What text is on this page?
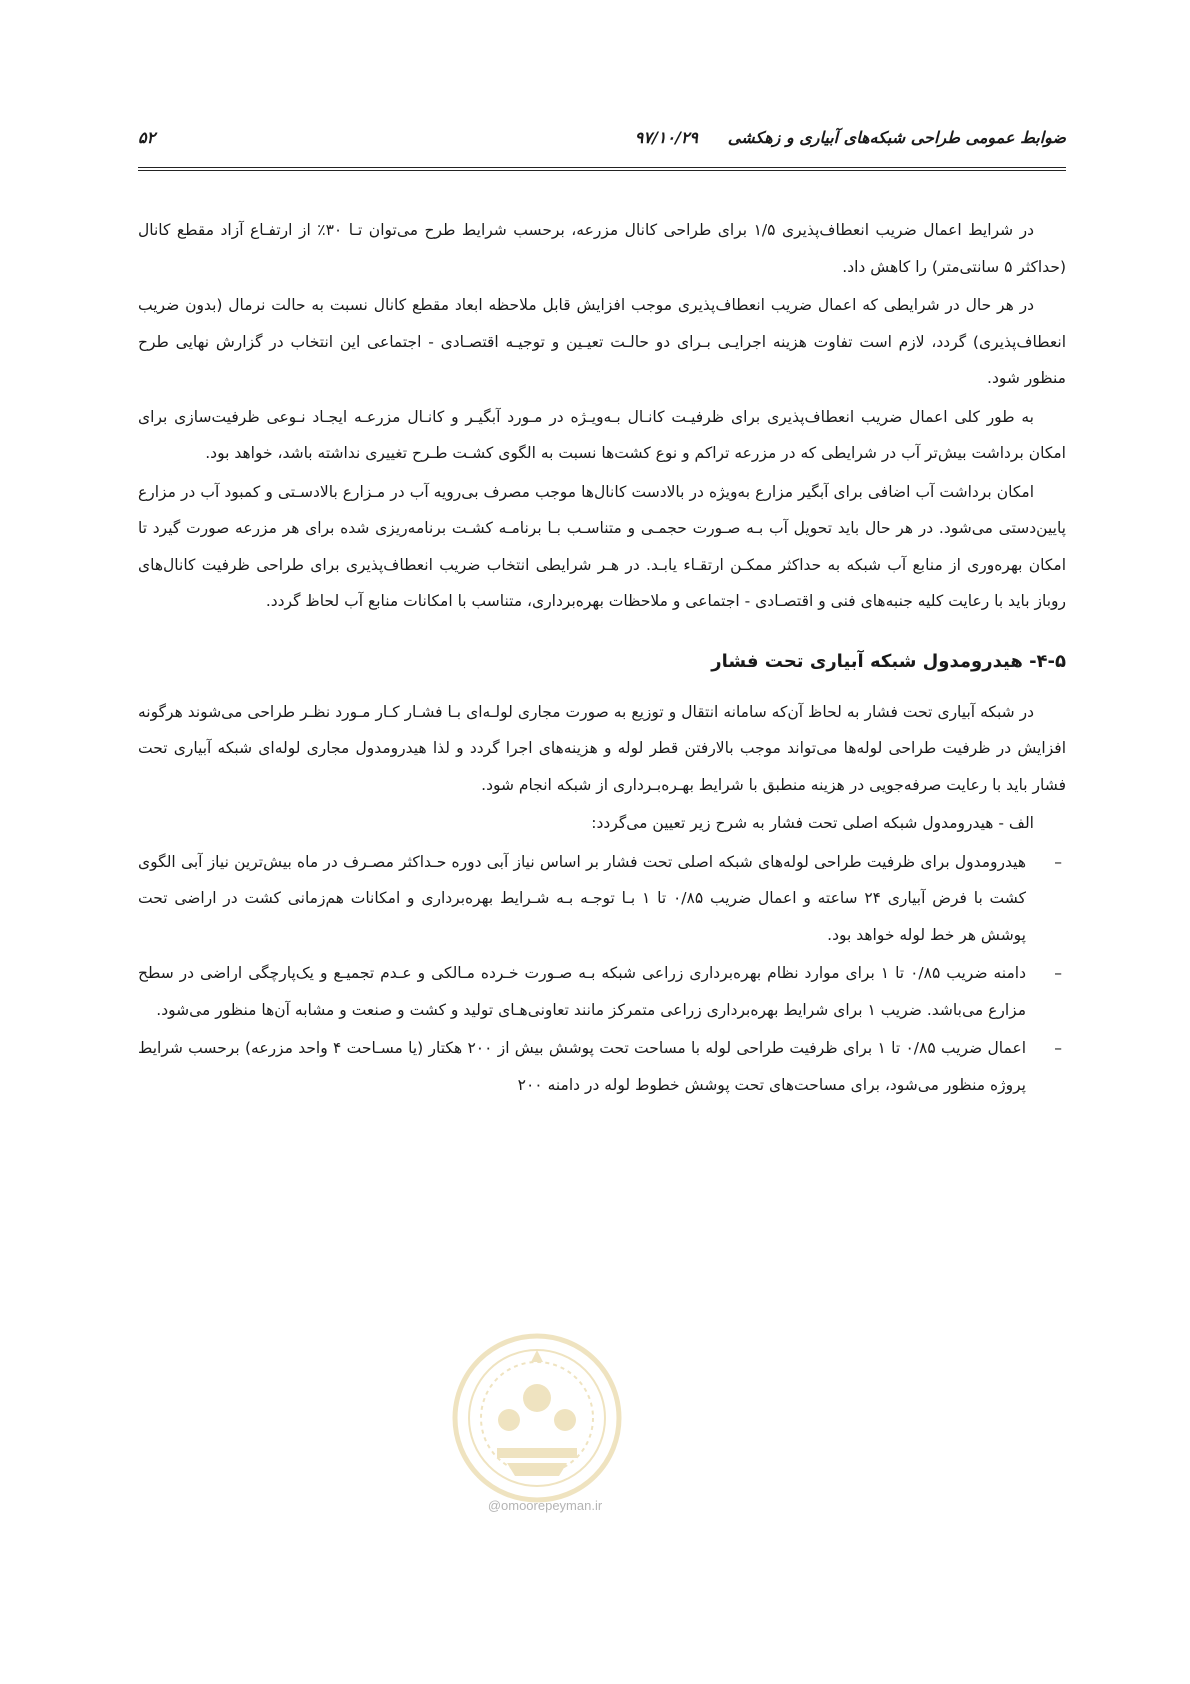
ضوابط عمومی طراحی شبکه‌های آبیاری و زهکشی
۹۷/۱۰/۲۹
۵۲

در شرایط اعمال ضریب انعطاف‌پذیری ۱/۵ برای طراحی کانال مزرعه، برحسب شرایط طرح می‌توان تـا ۳۰٪ از ارتفـاع آزاد مقطع کانال (حداکثر ۵ سانتی‌متر) را کاهش داد.

در هر حال در شرایطی که اعمال ضریب انعطاف‌پذیری موجب افزایش قابل ملاحظه ابعاد مقطع کانال نسبت به حالت نرمال (بدون ضریب انعطاف‌پذیری) گردد، لازم است تفاوت هزینه اجرایـی بـرای دو حالـت تعیـین و توجیـه اقتصـادی - اجتماعی این انتخاب در گزارش نهایی طرح منظور شود.

به طور کلی اعمال ضریب انعطاف‌پذیری برای ظرفیـت کانـال بـه‌ویـژه در مـورد آبگیـر و کانـال مزرعـه ایجـاد نـوعی ظرفیت‌سازی برای امکان برداشت بیش‌تر آب در شرایطی که در مزرعه تراکم و نوع کشت‌ها نسبت به الگوی کشـت طـرح تغییری نداشته باشد، خواهد بود.

امکان برداشت آب اضافی برای آبگیر مزارع به‌ویژه در بالادست کانال‌ها موجب مصرف بی‌رویه آب در مـزارع بالادسـتی و کمبود آب در مزارع پایین‌دستی می‌شود. در هر حال باید تحویل آب بـه صـورت حجمـی و متناسـب بـا برنامـه کشـت برنامه‌ریزی شده برای هر مزرعه صورت گیرد تا امکان بهره‌وری از منابع آب شبکه به حداکثر ممکـن ارتقـاء یابـد. در هـر شرایطی انتخاب ضریب انعطاف‌پذیری برای طراحی ظرفیت کانال‌های روباز باید با رعایت کلیه جنبه‌های فنی و اقتصـادی - اجتماعی و ملاحظات بهره‌برداری، متناسب با امکانات منابع آب لحاظ گردد.

۴-۵- هیدرومدول شبکه آبیاری تحت فشار

در شبکه آبیاری تحت فشار به لحاظ آن‌که سامانه انتقال و توزیع به صورت مجاری لولـه‌ای بـا فشـار کـار مـورد نظـر طراحی می‌شوند هرگونه افزایش در ظرفیت طراحی لوله‌ها می‌تواند موجب بالارفتن قطر لوله و هزینه‌های اجرا گردد و لذا هیدرومدول مجاری لوله‌ای شبکه آبیاری تحت فشار باید با رعایت صرفه‌جویی در هزینه منطبق با شرایط بهـره‌بـرداری از شبکه انجام شود.

الف - هیدرومدول شبکه اصلی تحت فشار به شرح زیر تعیین می‌گردد:

–
هیدرومدول برای ظرفیت طراحی لوله‌های شبکه اصلی تحت فشار بر اساس نیاز آبی دوره حـداکثر مصـرف در ماه بیش‌ترین نیاز آبی الگوی کشت با فرض آبیاری ۲۴ ساعته و اعمال ضریب ۰/۸۵ تا ۱ بـا توجـه بـه شـرایط بهره‌برداری و امکانات هم‌زمانی کشت در اراضی تحت پوشش هر خط لوله خواهد بود.
–
دامنه ضریب ۰/۸۵ تا ۱ برای موارد نظام بهره‌برداری زراعی شبکه بـه صـورت خـرده مـالکی و عـدم تجمیـع و یک‌پارچگی اراضی در سطح مزارع می‌باشد. ضریب ۱ برای شرایط بهره‌برداری زراعی متمرکز مانند تعاونی‌هـای تولید و کشت و صنعت و مشابه آن‌ها منظور می‌شود.
–
اعمال ضریب ۰/۸۵ تا ۱ برای ظرفیت طراحی لوله با مساحت تحت پوشش بیش از ۲۰۰ هکتار (یا مسـاحت ۴ واحد مزرعه) برحسب شرایط پروژه منظور می‌شود، برای مساحت‌های تحت پوشش خطوط لوله در دامنه ۲۰۰
@omoorepeyman.ir
